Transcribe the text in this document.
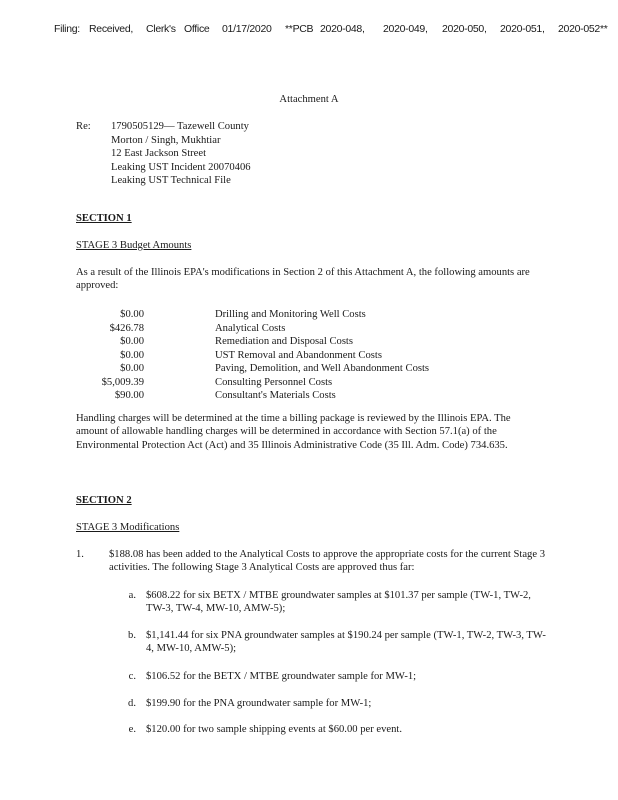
Filing: Received, Clerk's Office 01/17/2020 **PCB 2020-048, 2020-049, 2020-050, 2020-051, 2020-052**
Attachment A
Re: 1790505129— Tazewell County
Morton / Singh, Mukhtiar
12 East Jackson Street
Leaking UST Incident 20070406
Leaking UST Technical File
SECTION 1
STAGE 3 Budget Amounts
As a result of the Illinois EPA's modifications in Section 2 of this Attachment A, the following amounts are approved:
$0.00
$426.78
$0.00
$0.00
$0.00
$5,009.39
$90.00
Drilling and Monitoring Well Costs
Analytical Costs
Remediation and Disposal Costs
UST Removal and Abandonment Costs
Paving, Demolition, and Well Abandonment Costs
Consulting Personnel Costs
Consultant's Materials Costs
Handling charges will be determined at the time a billing package is reviewed by the Illinois EPA. The amount of allowable handling charges will be determined in accordance with Section 57.1(a) of the Environmental Protection Act (Act) and 35 Illinois Administrative Code (35 Ill. Adm. Code) 734.635.
SECTION 2
STAGE 3 Modifications
1. $188.08 has been added to the Analytical Costs to approve the appropriate costs for the current Stage 3 activities. The following Stage 3 Analytical Costs are approved thus far:
a. $608.22 for six BETX / MTBE groundwater samples at $101.37 per sample (TW-1, TW-2, TW-3, TW-4, MW-10, AMW-5);
b. $1,141.44 for six PNA groundwater samples at $190.24 per sample (TW-1, TW-2, TW-3, TW-4, MW-10, AMW-5);
c. $106.52 for the BETX / MTBE groundwater sample for MW-1;
d. $199.90 for the PNA groundwater sample for MW-1;
e. $120.00 for two sample shipping events at $60.00 per event.
